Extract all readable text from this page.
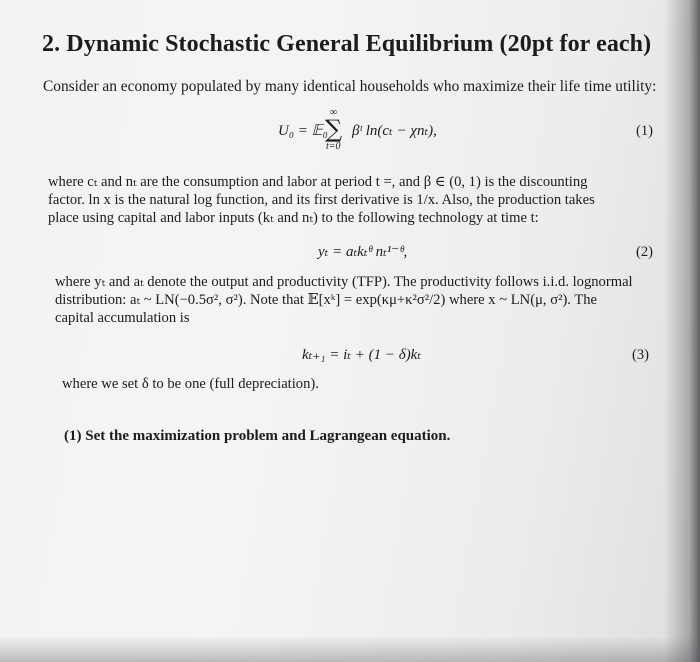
2. Dynamic Stochastic General Equilibrium (20pt for each)
Consider an economy populated by many identical households who maximize their life time utility:
U₀ = 𝔼₀
∞
∑
t=0
βᵗ ln(cₜ − χnₜ),	(1)
where cₜ and nₜ are the consumption and labor at period t =, and β ∈ (0, 1) is the discounting
factor. ln x is the natural log function, and its first derivative is 1/x. Also, the production takes
place using capital and labor inputs (kₜ and nₜ) to the following technology at time t:
yₜ = aₜkₜᶿ nₜ¹⁻ᶿ,	(2)
where yₜ and aₜ denote the output and productivity (TFP). The productivity follows i.i.d. lognormal
distribution: aₜ ~ LN(−0.5σ², σ²). Note that 𝔼[xᵏ] = exp(κμ+κ²σ²/2) where x ~ LN(μ, σ²). The
capital accumulation is
kₜ₊₁ = iₜ + (1 − δ)kₜ	(3)
where we set δ to be one (full depreciation).
(1) Set the maximization problem and Lagrangean equation.
